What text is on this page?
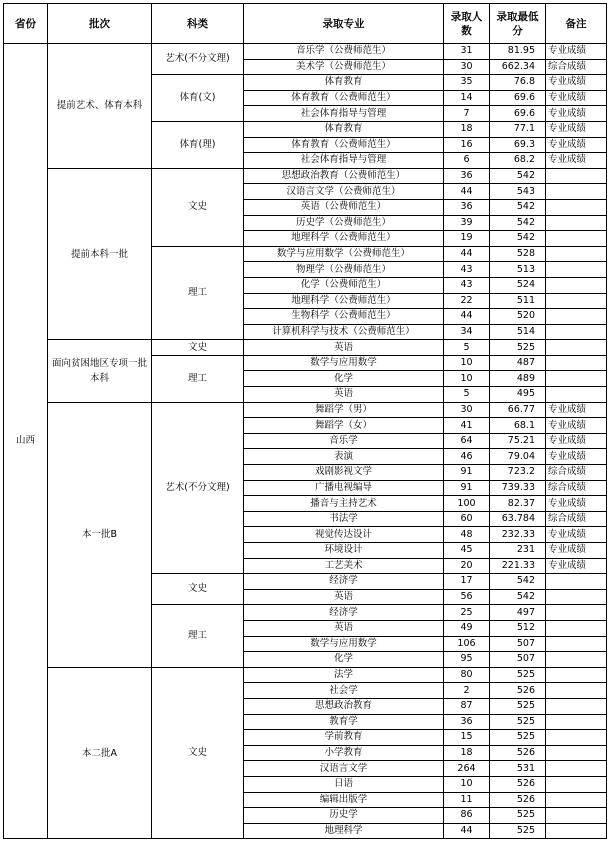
省份	批次	科类	录取专业	录取人数	录取最低分	备注
山西	提前艺术、体育本科	艺术(不分文理)	音乐学（公费师范生）	31	81.95	专业成绩
			美术学（公费师范生）	30	662.34	综合成绩
		体育(文)	体育教育	35	76.8	专业成绩
			体育教育（公费师范生）	14	69.6	专业成绩
			社会体育指导与管理	7	69.6	专业成绩
		体育(理)	体育教育	18	77.1	专业成绩
			体育教育（公费师范生）	16	69.3	专业成绩
			社会体育指导与管理	6	68.2	专业成绩
	提前本科一批	文史	思想政治教育（公费师范生）	36	542	
			汉语言文学（公费师范生）	44	543	
			英语（公费师范生）	36	542	
			历史学（公费师范生）	39	542	
			地理科学（公费师范生）	19	542	
		理工	数学与应用数学（公费师范生）	44	528	
			物理学（公费师范生）	43	513	
			化学（公费师范生）	43	524	
			地理科学（公费师范生）	22	511	
			生物科学（公费师范生）	44	520	
			计算机科学与技术（公费师范生）	34	514	
	面向贫困地区专项一批本科	文史	英语	5	525	
		理工	数学与应用数学	10	487	
			化学	10	489	
			英语	5	495	
	本一批B	艺术(不分文理)	舞蹈学（男）	30	66.77	专业成绩
			舞蹈学（女）	41	68.1	专业成绩
			音乐学	64	75.21	专业成绩
			表演	46	79.04	专业成绩
			戏剧影视文学	91	723.2	综合成绩
			广播电视编导	91	739.33	综合成绩
			播音与主持艺术	100	82.37	专业成绩
			书法学	60	63.784	综合成绩
			视觉传达设计	48	232.33	专业成绩
			环境设计	45	231	专业成绩
			工艺美术	20	221.33	专业成绩
		文史	经济学	17	542	
			英语	56	542	
		理工	经济学	25	497	
			英语	49	512	
			数学与应用数学	106	507	
			化学	95	507	
	本二批A	文史	法学	80	525	
			社会学	2	526	
			思想政治教育	87	525	
			教育学	36	525	
			学前教育	15	525	
			小学教育	18	526	
			汉语言文学	264	531	
			日语	10	526	
			编辑出版学	11	526	
			历史学	86	525	
			地理科学	44	525	
